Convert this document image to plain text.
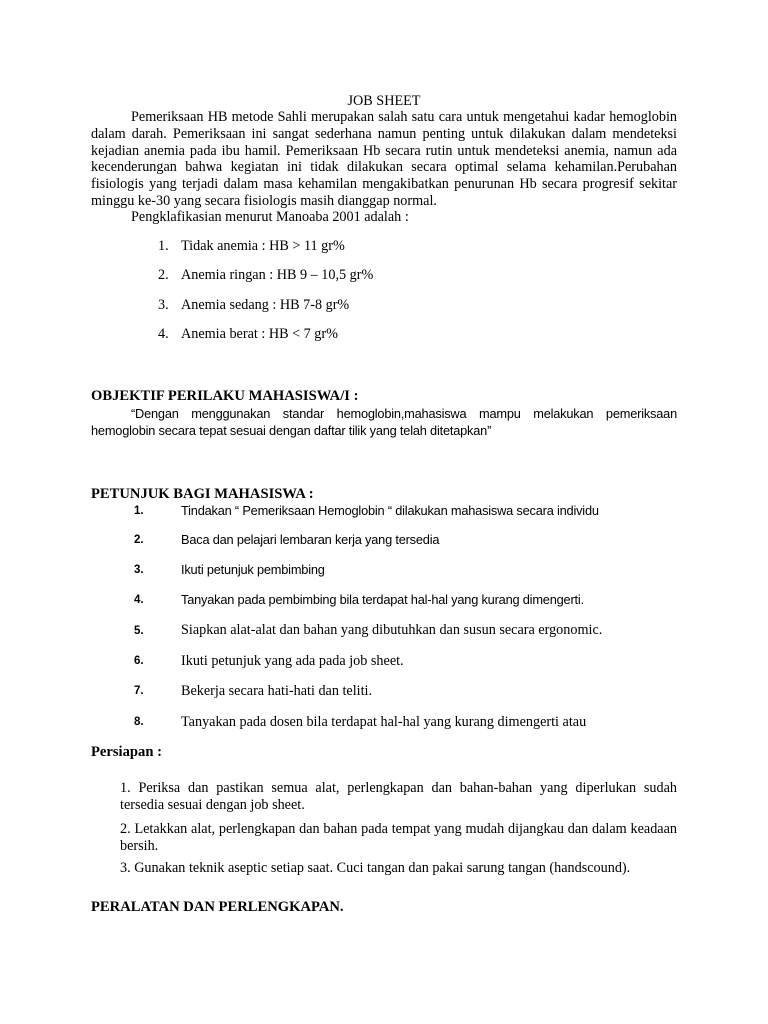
JOB SHEET
Pemeriksaan HB metode Sahli merupakan salah satu cara untuk mengetahui kadar hemoglobin dalam darah. Pemeriksaan ini sangat sederhana namun penting untuk dilakukan dalam mendeteksi kejadian anemia pada ibu hamil. Pemeriksaan Hb secara rutin untuk mendeteksi anemia, namun ada kecenderungan bahwa kegiatan ini tidak dilakukan secara optimal selama kehamilan.Perubahan fisiologis yang terjadi dalam masa kehamilan mengakibatkan penurunan Hb secara progresif sekitar minggu ke-30 yang secara fisiologis masih dianggap normal.
Pengklafikasian menurut Manoaba 2001 adalah :
1. Tidak anemia : HB > 11 gr%
2. Anemia ringan : HB 9 – 10,5 gr%
3. Anemia sedang : HB 7-8 gr%
4. Anemia berat : HB < 7 gr%
OBJEKTIF PERILAKU MAHASISWA/I :
“Dengan menggunakan standar hemoglobin,mahasiswa mampu melakukan pemeriksaan hemoglobin secara tepat sesuai dengan daftar tilik yang telah ditetapkan”
PETUNJUK BAGI MAHASISWA :
1.	Tindakan “ Pemeriksaan Hemoglobin “ dilakukan mahasiswa secara individu
2.	Baca dan pelajari lembaran kerja yang tersedia
3.	Ikuti petunjuk pembimbing
4.	Tanyakan pada pembimbing bila terdapat hal-hal yang kurang dimengerti.
5.	Siapkan alat-alat dan bahan yang dibutuhkan dan susun secara ergonomic.
6.	Ikuti petunjuk yang ada pada job sheet.
7.	Bekerja secara hati-hati dan teliti.
8.	Tanyakan pada dosen bila terdapat hal-hal yang kurang dimengerti atau
Persiapan :
1. Periksa dan pastikan semua alat, perlengkapan dan bahan-bahan yang diperlukan sudah tersedia sesuai dengan job sheet.
2. Letakkan alat, perlengkapan dan bahan pada tempat yang mudah dijangkau dan dalam keadaan bersih.
3. Gunakan teknik aseptic setiap saat. Cuci tangan dan pakai sarung tangan (handscound).
PERALATAN DAN PERLENGKAPAN.
